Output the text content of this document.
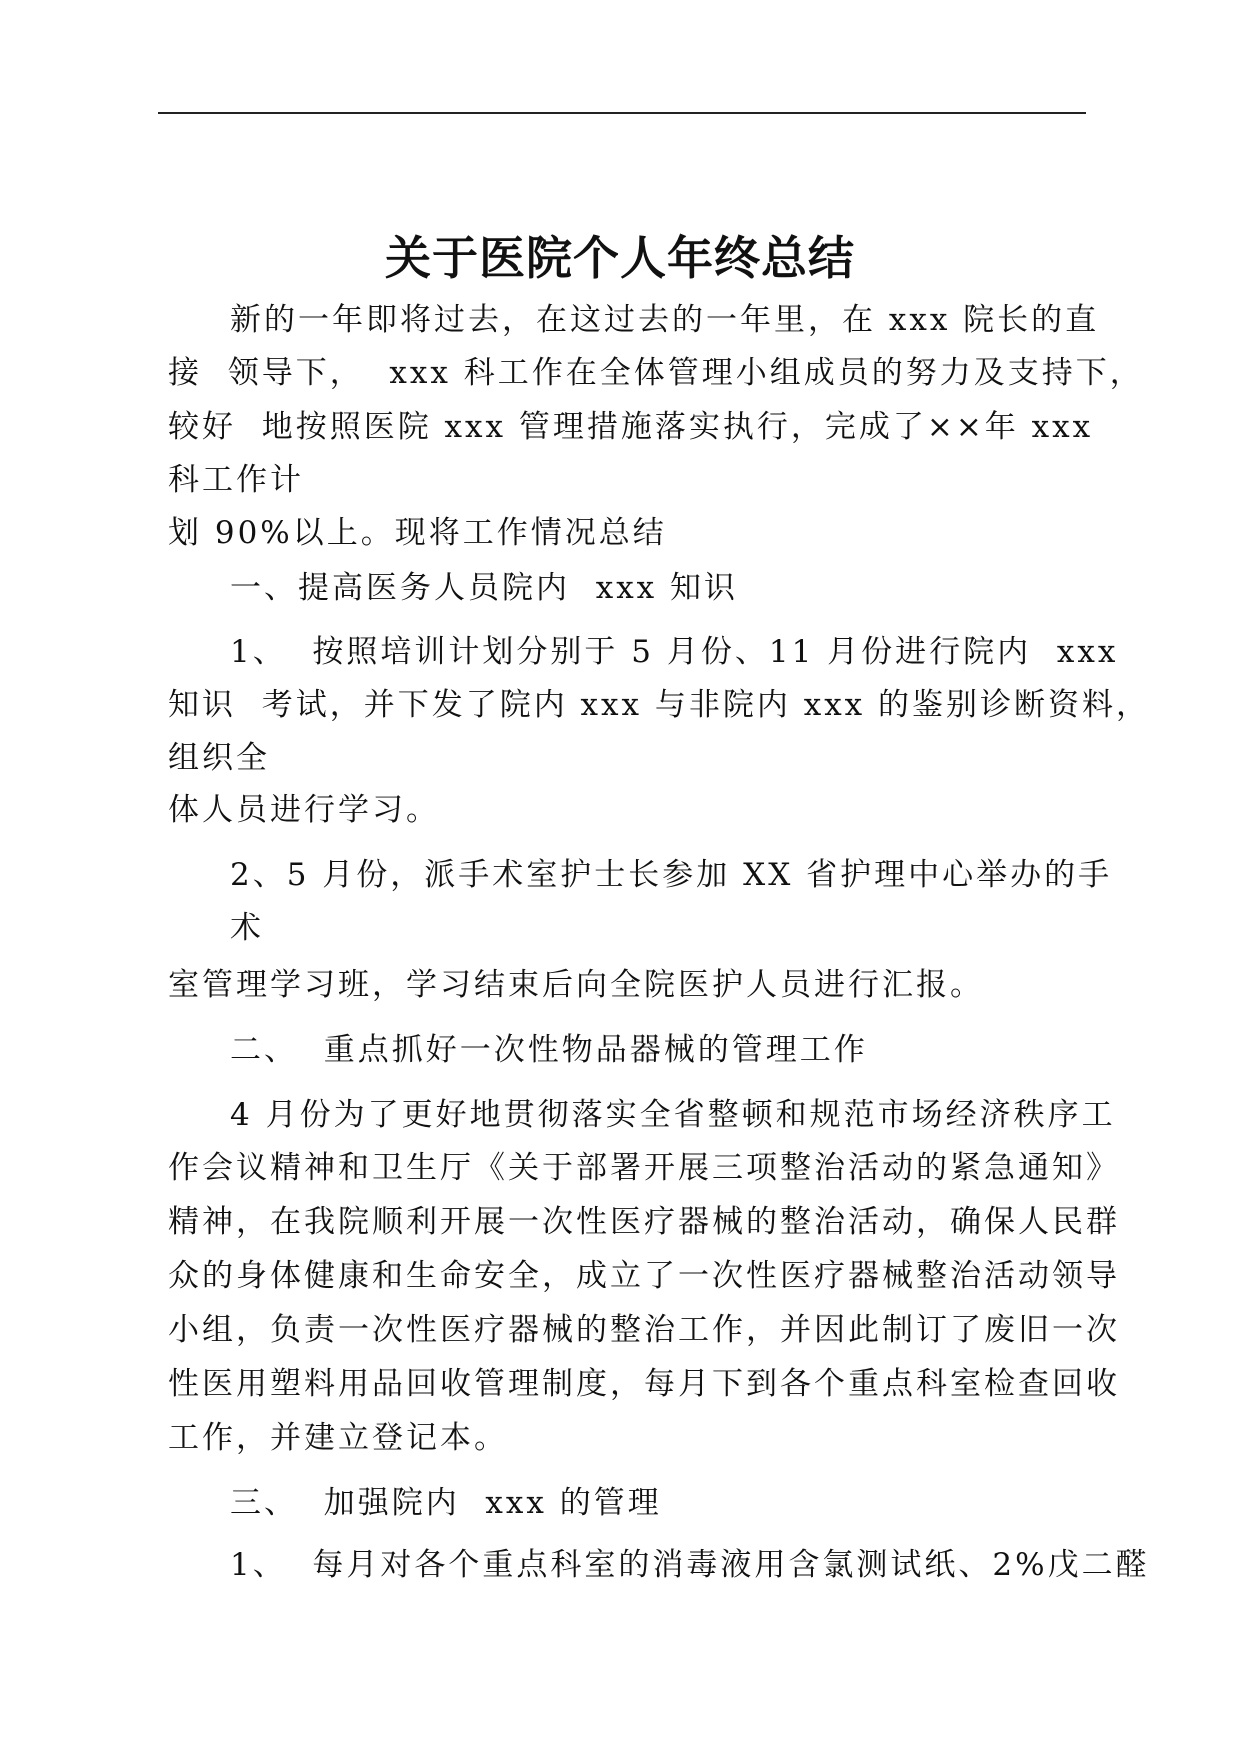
关于医院个人年终总结

新的一年即将过去，在这过去的一年里，在 xxx 院长的直

接  领导下，  xxx 科工作在全体管理小组成员的努力及支持下，

较好  地按照医院 xxx 管理措施落实执行，完成了××年 xxx

科工作计

划 90%以上。现将工作情况总结

一、提高医务人员院内  xxx 知识

1、  按照培训计划分别于 5 月份、11 月份进行院内  xxx

知识  考试，并下发了院内 xxx 与非院内 xxx 的鉴别诊断资料，

组织全

体人员进行学习。

2、5 月份，派手术室护士长参加 XX 省护理中心举办的手

术

室管理学习班，学习结束后向全院医护人员进行汇报。

二、  重点抓好一次性物品器械的管理工作

4 月份为了更好地贯彻落实全省整顿和规范市场经济秩序工

作会议精神和卫生厅《关于部署开展三项整治活动的紧急通知》

精神，在我院顺利开展一次性医疗器械的整治活动，确保人民群

众的身体健康和生命安全，成立了一次性医疗器械整治活动领导

小组，负责一次性医疗器械的整治工作，并因此制订了废旧一次

性医用塑料用品回收管理制度，每月下到各个重点科室检查回收

工作，并建立登记本。

三、  加强院内  xxx 的管理

1、  每月对各个重点科室的消毒液用含氯测试纸、2%戊二醛
